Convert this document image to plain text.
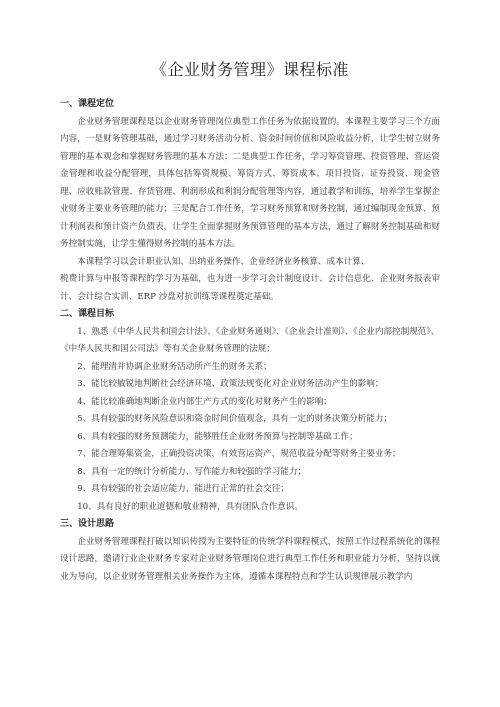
《企业财务管理》课程标准
一、课程定位

企业财务管理课程是以企业财务管理岗位典型工作任务为依据设置的。本课程主要学习三个方面内容，一是财务管理基础，通过学习财务活动分析、资金时间价值和风险收益分析，让学生树立财务管理的基本观念和掌握财务管理的基本方法；二是典型工作任务，学习筹资管理、投资管理、营运资金管理和收益分配管理，具体包括筹资规模、筹资方式、筹资成本、项目投资、证券投资、现金管理、应收账款管理、存货管理、利润形成和利润分配管理等内容，通过教学和训练，培养学生掌握企业财务主要业务管理的能力；三是配合工作任务，学习财务预算和财务控制，通过编制现金预算、预计利润表和预计资产负债表，让学生全面掌握财务预算管理的基本方法，通过了解财务控制基础和财务控制实施，让学生懂得财务控制的基本方法。

本课程学习以会计职业认知、出纳业务操作、企业经济业务核算、成本计算、

税费计算与申报等课程的学习为基础，也为进一步学习会计制度设计、会计信息化、企业财务报表审计、会计综合实训、ERP 沙盘对抗训练等课程奠定基础。

二、课程目标

1、熟悉《中华人民共和国会计法》、《企业财务通则》、《企业会计准则》、《企业内部控制规范》、《中华人民共和国公司法》等有关企业财务管理的法规；

2、能理清并协调企业财务活动所产生的财务关系；

3、能比较敏锐地判断社会经济环境、政策法规变化对企业财务活动产生的影响；

4、能比较准确地判断企业内部生产方式的变化对财务产生的影响；

5、具有较强的财务风险意识和资金时间价值观念，具有一定的财务决策分析能力；

6、具有较强的财务预测能力，能够胜任企业财务预算与控制等基础工作；

7、能合理筹集资金，正确投资决策，有效营运资产，规范收益分配等财务主要业务；

8、具有一定的统计分析能力、写作能力和较强的学习能力；

9、具有较强的社会适应能力，能进行正常的社会交往；

10、具有良好的职业道德和敬业精神，具有团队合作意识。

三、设计思路

企业财务管理课程打破以知识传授为主要特征的传统学科课程模式，按照工作过程系统化的课程设计思路，邀请行业企业财务专家对企业财务管理岗位进行典型工作任务和职业能力分析，坚持以就业为导向，以企业财务管理相关业务操作为主体，遵循本课程特点和学生认识规律展示教学内
